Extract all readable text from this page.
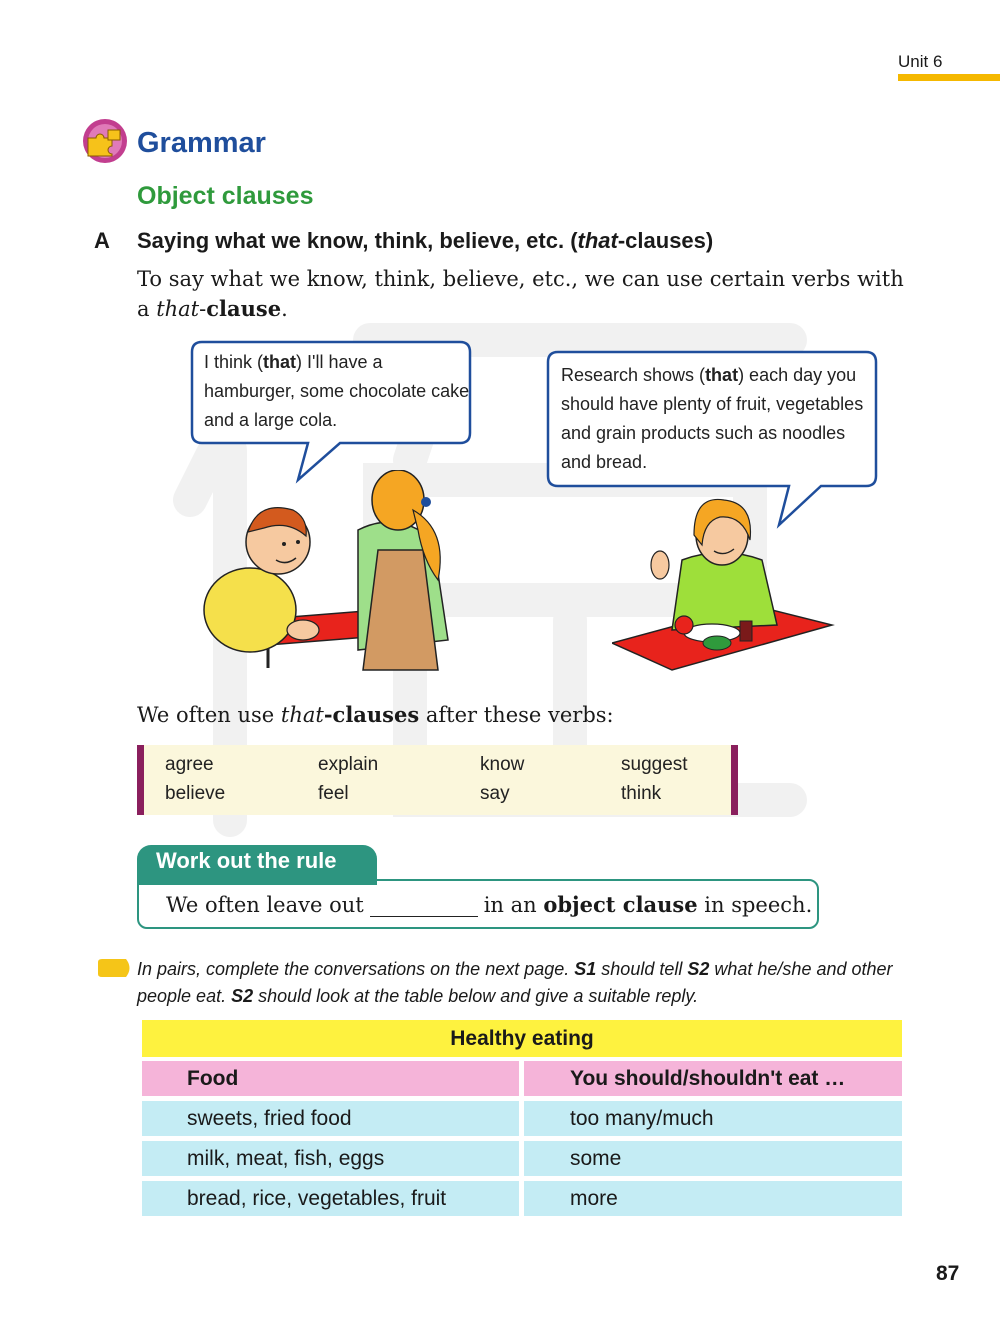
Unit 6
Grammar
Object clauses
A Saying what we know, think, believe, etc. (that-clauses)
To say what we know, think, believe, etc., we can use certain verbs with a that-clause.
I think (that) I'll have a hamburger, some chocolate cake and a large cola.
Research shows (that) each day you should have plenty of fruit, vegetables and grain products such as noodles and bread.
We often use that-clauses after these verbs:
agree	explain	know	suggest
believe	feel	say	think
Work out the rule
We often leave out	in an object clause in speech.
In pairs, complete the conversations on the next page. S1 should tell S2 what he/she and other people eat. S2 should look at the table below and give a suitable reply.
Healthy eating
Food	You should/shouldn't eat …
sweets, fried food	too many/much
milk, meat, fish, eggs	some
bread, rice, vegetables, fruit	more
87
